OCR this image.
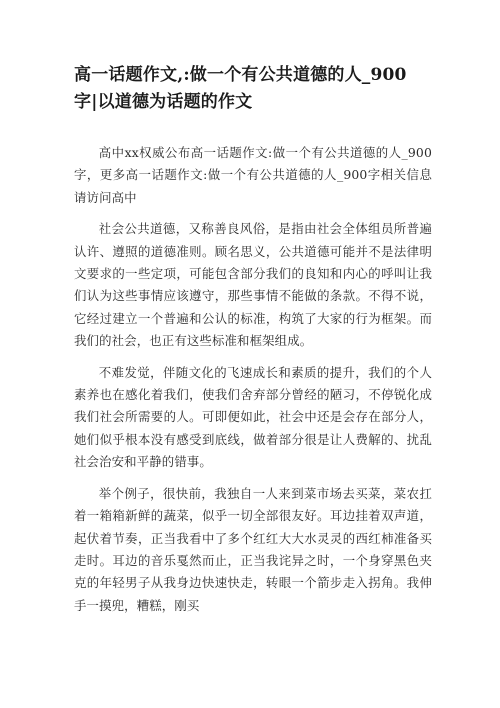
高一话题作文,:做一个有公共道德的人_900字|以道德为话题的作文

高中xx权威公布高一话题作文:做一个有公共道德的人_900字，更多高一话题作文:做一个有公共道德的人_900字相关信息请访问高中

社会公共道德，又称善良风俗，是指由社会全体组员所普遍认许、遵照的道德准则。顾名思义，公共道德可能并不是法律明文要求的一些定项，可能包含部分我们的良知和内心的呼叫让我们认为这些事情应该遵守，那些事情不能做的条款。不得不说，它经过建立一个普遍和公认的标准，构筑了大家的行为框架。而我们的社会，也正有这些标准和框架组成。

不难发觉，伴随文化的飞速成长和素质的提升，我们的个人素养也在感化着我们，使我们舍弃部分曾经的陋习，不停锐化成我们社会所需要的人。可即便如此，社会中还是会存在部分人，她们似乎根本没有感受到底线，做着部分很是让人费解的、扰乱社会治安和平静的错事。

举个例子，很快前，我独自一人来到菜市场去买菜，菜农扛着一箱箱新鲜的蔬菜，似乎一切全部很友好。耳边挂着双声道，起伏着节奏，正当我看中了多个红红大大水灵灵的西红柿准备买走时。耳边的音乐戛然而止，正当我诧异之时，一个身穿黑色夹克的年轻男子从我身边快速快走，转眼一个箭步走入拐角。我伸手一摸兜，糟糕，刚买
